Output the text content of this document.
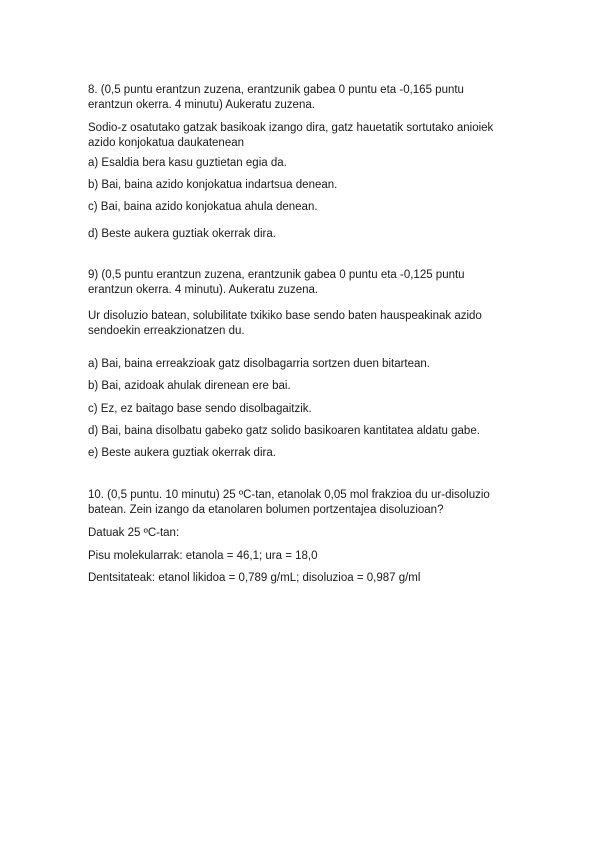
8. (0,5 puntu erantzun zuzena, erantzunik gabea 0 puntu eta -0,165 puntu
erantzun okerra. 4 minutu) Aukeratu zuzena.
Sodio-z osatutako gatzak basikoak izango dira, gatz hauetatik sortutako anioiek
azido konjokatua daukatenean
a) Esaldia bera kasu guztietan egia da.
b) Bai, baina azido konjokatua indartsua denean.
c) Bai, baina azido konjokatua ahula denean.
d) Beste aukera guztiak okerrak dira.
9) (0,5 puntu erantzun zuzena, erantzunik gabea 0 puntu eta -0,125 puntu
erantzun okerra. 4 minutu). Aukeratu zuzena.
Ur disoluzio batean, solubilitate txikiko base sendo baten hauspeakinak azido
sendoekin erreakzionatzen du.
a) Bai, baina erreakzioak gatz disolbagarria sortzen duen bitartean.
b) Bai, azidoak ahulak direnean ere bai.
c) Ez, ez baitago base sendo disolbagaitzik.
d) Bai, baina disolbatu gabeko gatz solido basikoaren kantitatea aldatu gabe.
e) Beste aukera guztiak okerrak dira.
10. (0,5 puntu. 10 minutu) 25 ºC-tan, etanolak 0,05 mol frakzioa du ur-disoluzio
batean. Zein izango da etanolaren bolumen portzentajea disoluzioan?
Datuak 25 ºC-tan:
Pisu molekularrak: etanola = 46,1; ura = 18,0
Dentsitateak: etanol likidoa = 0,789 g/mL; disoluzioa = 0,987 g/ml
